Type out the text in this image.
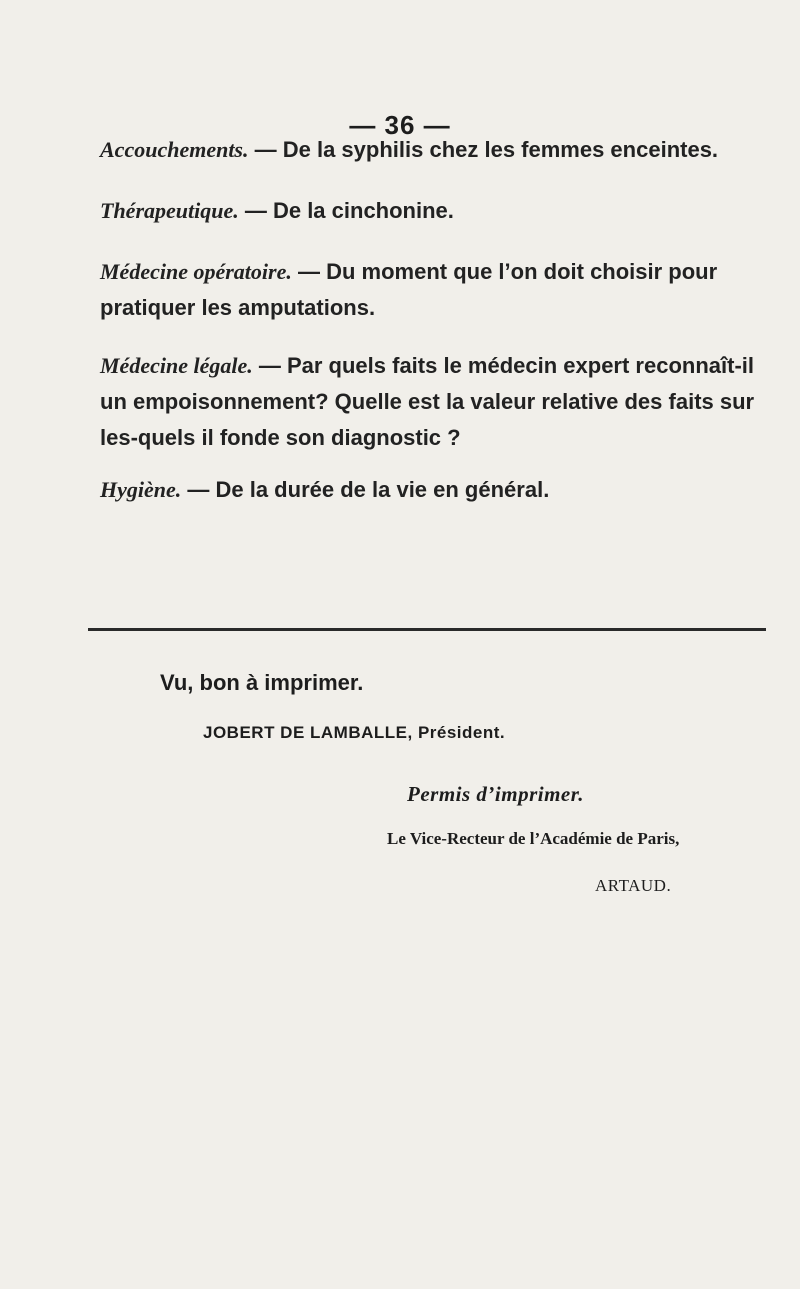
— 36 —
Accouchements. — De la syphilis chez les femmes enceintes.
Thérapeutique. — De la cinchonine.
Médecine opératoire. — Du moment que l’on doit choisir pour pratiquer les amputations.
Médecine légale. — Par quels faits le médecin expert reconnaît-il un empoisonnement? Quelle est la valeur relative des faits sur les-quels il fonde son diagnostic ?
Hygiène. — De la durée de la vie en général.
Vu, bon à imprimer.
JOBERT DE LAMBALLE, Président.
Permis d’imprimer.
Le Vice-Recteur de l’Académie de Paris,
ARTAUD.
